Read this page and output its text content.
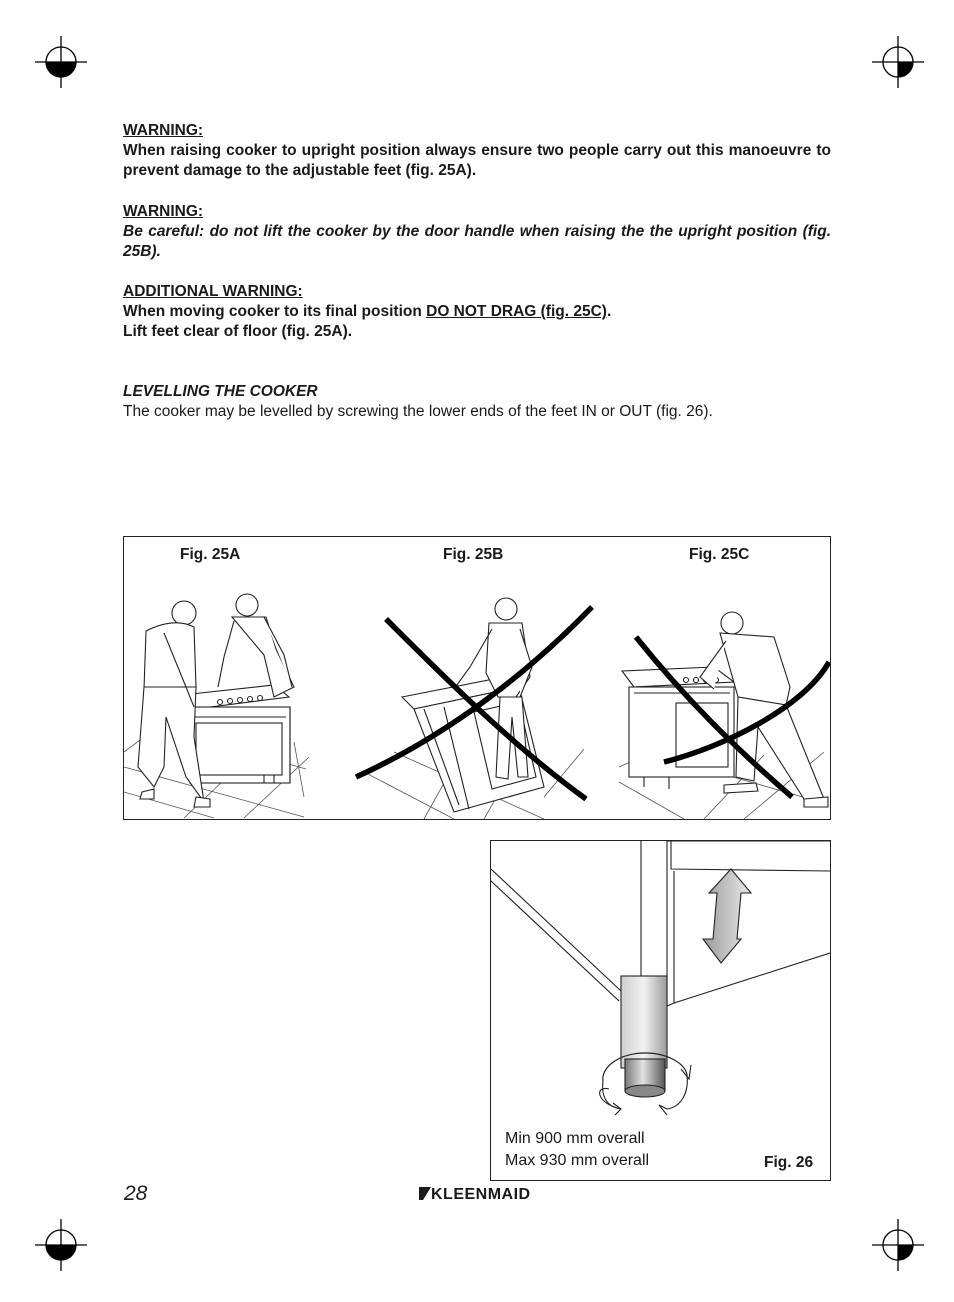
WARNING:
When raising cooker to upright position always ensure two people carry out this manoeuvre to prevent damage to the adjustable feet (fig. 25A).
WARNING:
Be careful: do not lift the cooker by the door handle when raising the the upright position (fig. 25B).
ADDITIONAL WARNING:
When moving cooker to its final position DO NOT DRAG (fig. 25C).
Lift feet clear of floor (fig. 25A).
LEVELLING THE COOKER
The cooker may be levelled by screwing the lower ends of the feet IN or OUT (fig. 26).
Fig. 25A	Fig. 25B	Fig. 25C
Min 900 mm overall
Max 930 mm overall	Fig. 26
28	KLEENMAID
